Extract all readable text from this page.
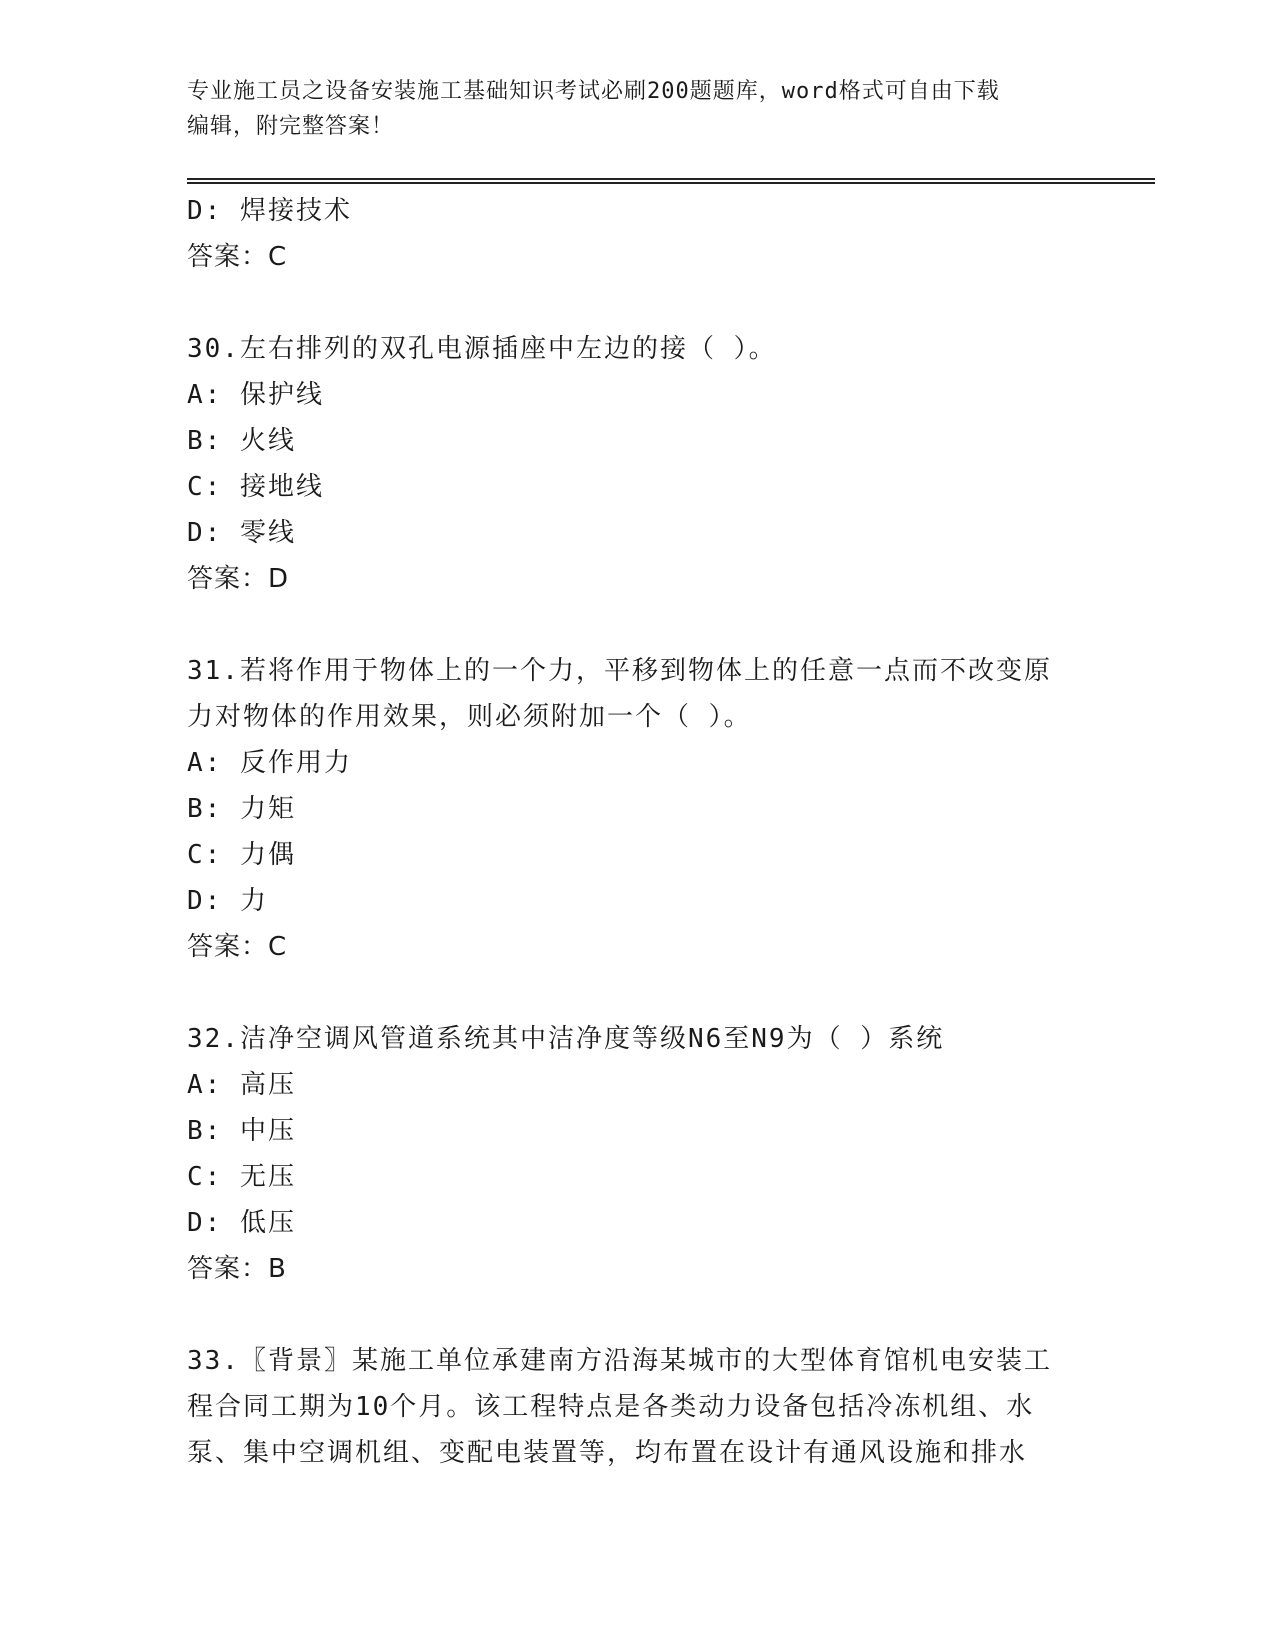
专业施工员之设备安装施工基础知识考试必刷200题题库，word格式可自由下载
编辑，附完整答案！
D: 焊接技术
答案：C
30.左右排列的双孔电源插座中左边的接（ ）。
A: 保护线
B: 火线
C: 接地线
D: 零线
答案：D
31.若将作用于物体上的一个力，平移到物体上的任意一点而不改变原
力对物体的作用效果，则必须附加一个（ ）。
A: 反作用力
B: 力矩
C: 力偶
D: 力
答案：C
32.洁净空调风管道系统其中洁净度等级N6至N9为（ ）系统
A: 高压
B: 中压
C: 无压
D: 低压
答案：B
33.〖背景〗某施工单位承建南方沿海某城市的大型体育馆机电安装工
程合同工期为10个月。该工程特点是各类动力设备包括冷冻机组、水
泵、集中空调机组、变配电装置等，均布置在设计有通风设施和排水
